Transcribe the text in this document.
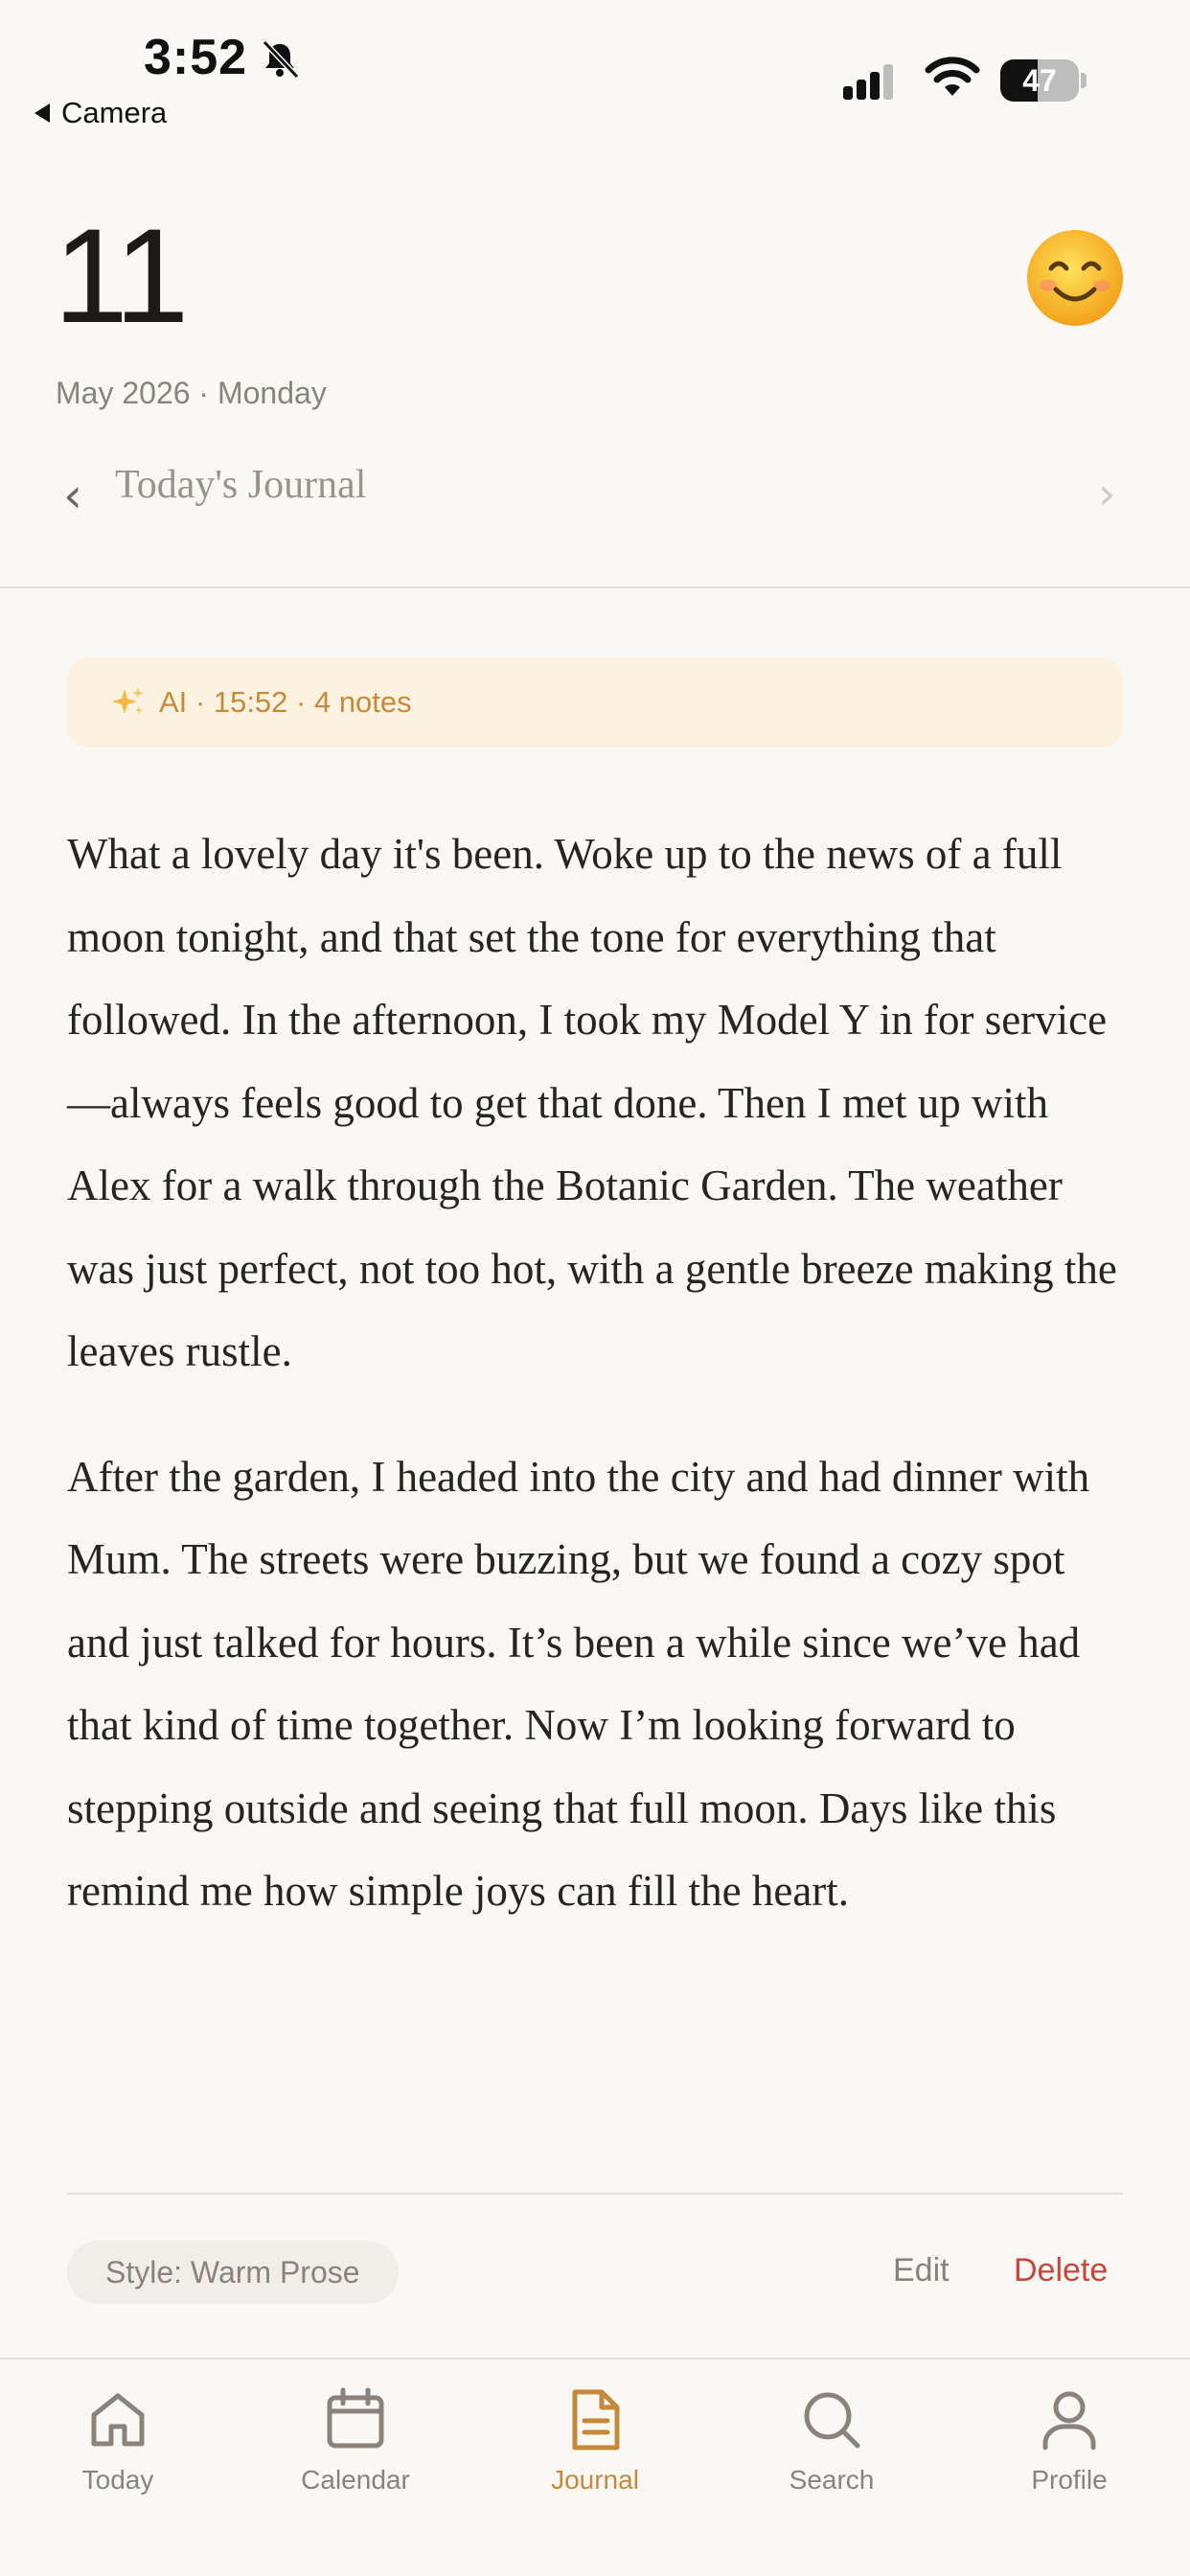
3:52
Camera
47
11
May 2026 · Monday
‹ Today's Journal	›
AI · 15:52 · 4 notes

What a lovely day it's been. Woke up to the news of a full moon tonight, and that set the tone for everything that followed. In the afternoon, I took my Model Y in for service—always feels good to get that done. Then I met up with Alex for a walk through the Botanic Garden. The weather was just perfect, not too hot, with a gentle breeze making the leaves rustle.

After the garden, I headed into the city and had dinner with Mum. The streets were buzzing, but we found a cozy spot and just talked for hours. It’s been a while since we’ve had that kind of time together. Now I’m looking forward to stepping outside and seeing that full moon. Days like this remind me how simple joys can fill the heart.

Style: Warm Prose	Edit Delete
Today	Calendar	Journal	Search	Profile
